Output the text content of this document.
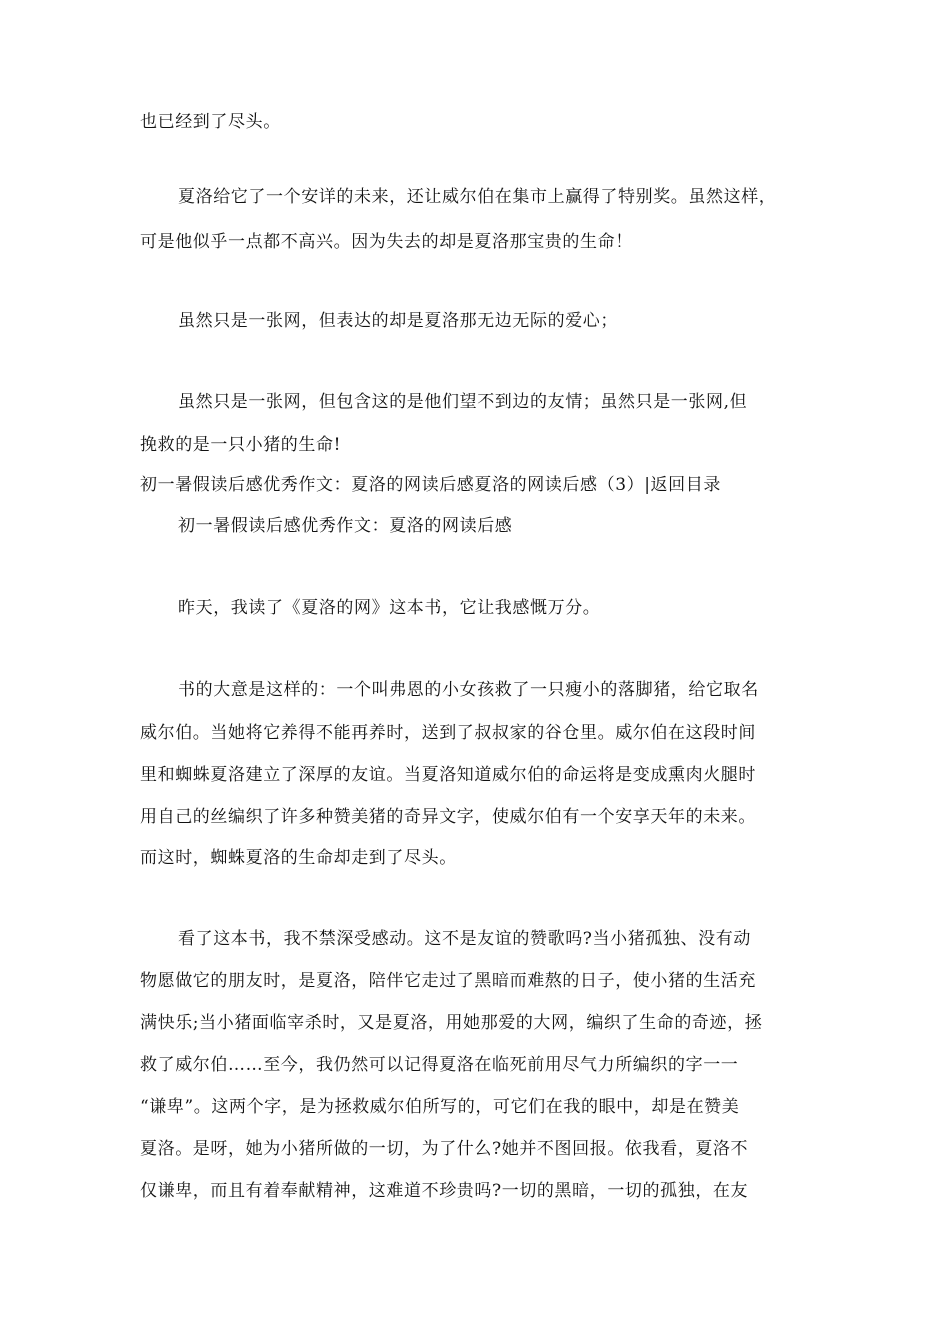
也已经到了尽头。
夏洛给它了一个安详的未来，还让威尔伯在集市上赢得了特别奖。虽然这样，
可是他似乎一点都不高兴。因为失去的却是夏洛那宝贵的生命！
虽然只是一张网，但表达的却是夏洛那无边无际的爱心；
虽然只是一张网，但包含这的是他们望不到边的友情；虽然只是一张网,但
挽救的是一只小猪的生命!
初一暑假读后感优秀作文：夏洛的网读后感夏洛的网读后感（3）|返回目录
初一暑假读后感优秀作文：夏洛的网读后感
昨天，我读了《夏洛的网》这本书，它让我感慨万分。
书的大意是这样的：一个叫弗恩的小女孩救了一只瘦小的落脚猪，给它取名
威尔伯。当她将它养得不能再养时，送到了叔叔家的谷仓里。威尔伯在这段时间
里和蜘蛛夏洛建立了深厚的友谊。当夏洛知道威尔伯的命运将是变成熏肉火腿时
用自己的丝编织了许多种赞美猪的奇异文字，使威尔伯有一个安享天年的未来。
而这时，蜘蛛夏洛的生命却走到了尽头。
看了这本书，我不禁深受感动。这不是友谊的赞歌吗?当小猪孤独、没有动
物愿做它的朋友时，是夏洛，陪伴它走过了黑暗而难熬的日子，使小猪的生活充
满快乐;当小猪面临宰杀时，又是夏洛，用她那爱的大网，编织了生命的奇迹，拯
救了威尔伯……至今，我仍然可以记得夏洛在临死前用尽气力所编织的字一一
“谦卑”。这两个字，是为拯救威尔伯所写的，可它们在我的眼中，却是在赞美
夏洛。是呀，她为小猪所做的一切，为了什么?她并不图回报。依我看，夏洛不
仅谦卑，而且有着奉献精神，这难道不珍贵吗?一切的黑暗，一切的孤独，在友
